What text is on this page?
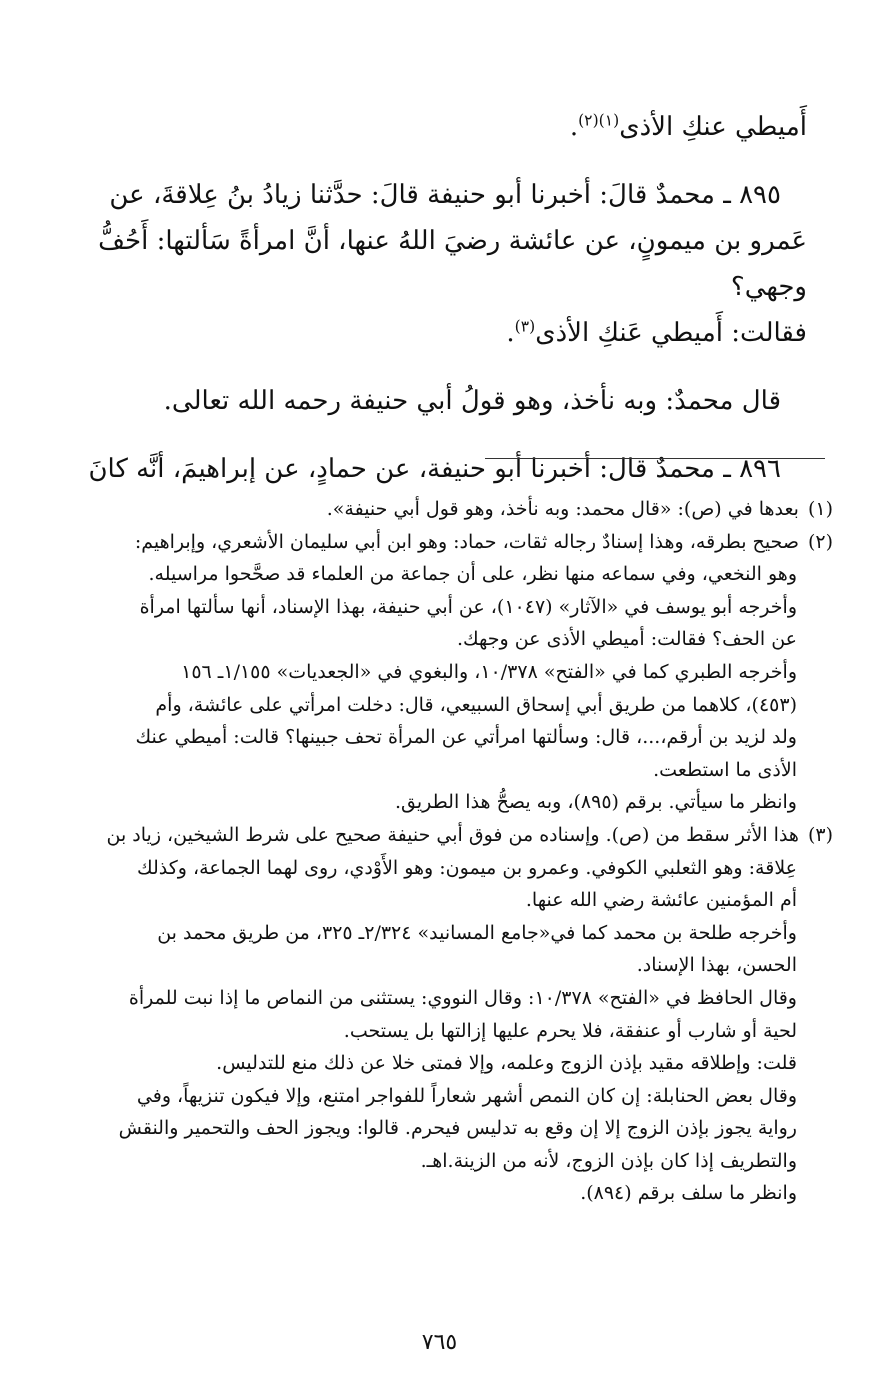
أَميطي عنكِ الأذى$^{(١)(٢)}$.

٨٩٥ ـ محمدٌ قالَ: أخبرنا أبو حنيفة قالَ: حدَّثنا زيادُ بنُ عِلاقةَ، عن
عَمرو بن ميمونٍ، عن عائشة رضيَ اللهُ عنها، أنَّ امرأةً سَألتها: أَحُفُّ وجهي؟
فقالت: أَميطي عَنكِ الأذى$^{(٣)}$.

قال محمدٌ: وبه نأخذ، وهو قولُ أبي حنيفة رحمه الله تعالى.

٨٩٦ ـ محمدٌ قال: أخبرنا أبو حنيفة، عن حمادٍ، عن إبراهيمَ، أنَّه كانَ

(١) بعدها في (ص): «قال محمد: وبه نأخذ، وهو قول أبي حنيفة».
(٢) صحيح بطرقه، وهذا إسنادٌ رجاله ثقات، حماد: وهو ابن أبي سليمان الأشعري، وإبراهيم:
وهو النخعي، وفي سماعه منها نظر، على أن جماعة من العلماء قد صحَّحوا مراسيله.
وأخرجه أبو يوسف في «الآثار» (١٠٤٧)، عن أبي حنيفة، بهذا الإسناد، أنها سألتها امرأة
عن الحف؟ فقالت: أميطي الأذى عن وجهك.
وأخرجه الطبري كما في «الفتح» ١٠/٣٧٨، والبغوي في «الجعديات» ١/١٥٥ـ ١٥٦
(٤٥٣)، كلاهما من طريق أبي إسحاق السبيعي، قال: دخلت امرأتي على عائشة، وأم
ولد لزيد بن أرقم،...، قال: وسألتها امرأتي عن المرأة تحف جبينها؟ قالت: أميطي عنك
الأذى ما استطعت.
وانظر ما سيأتي. برقم (٨٩٥)، وبه يصحُّ هذا الطريق.
(٣) هذا الأثر سقط من (ص). وإسناده من فوق أبي حنيفة صحيح على شرط الشيخين، زياد بن
عِلاقة: وهو الثعلبي الكوفي. وعمرو بن ميمون: وهو الأَوْدي، روى لهما الجماعة، وكذلك
أم المؤمنين عائشة رضي الله عنها.
وأخرجه طلحة بن محمد كما في«جامع المسانيد» ٢/٣٢٤ـ ٣٢٥، من طريق محمد بن
الحسن، بهذا الإسناد.
وقال الحافظ في «الفتح» ١٠/٣٧٨: وقال النووي: يستثنى من النماص ما إذا نبت للمرأة
لحية أو شارب أو عنفقة، فلا يحرم عليها إزالتها بل يستحب.
قلت: وإطلاقه مقيد بإذن الزوج وعلمه، وإلا فمتى خلا عن ذلك منع للتدليس.
وقال بعض الحنابلة: إن كان النمص أشهر شعاراً للفواجر امتنع، وإلا فيكون تنزيهاً، وفي
رواية يجوز بإذن الزوج إلا إن وقع به تدليس فيحرم. قالوا: ويجوز الحف والتحمير والنقش
والتطريف إذا كان بإذن الزوج، لأنه من الزينة.اهـ.
وانظر ما سلف برقم (٨٩٤).
٧٦٥
